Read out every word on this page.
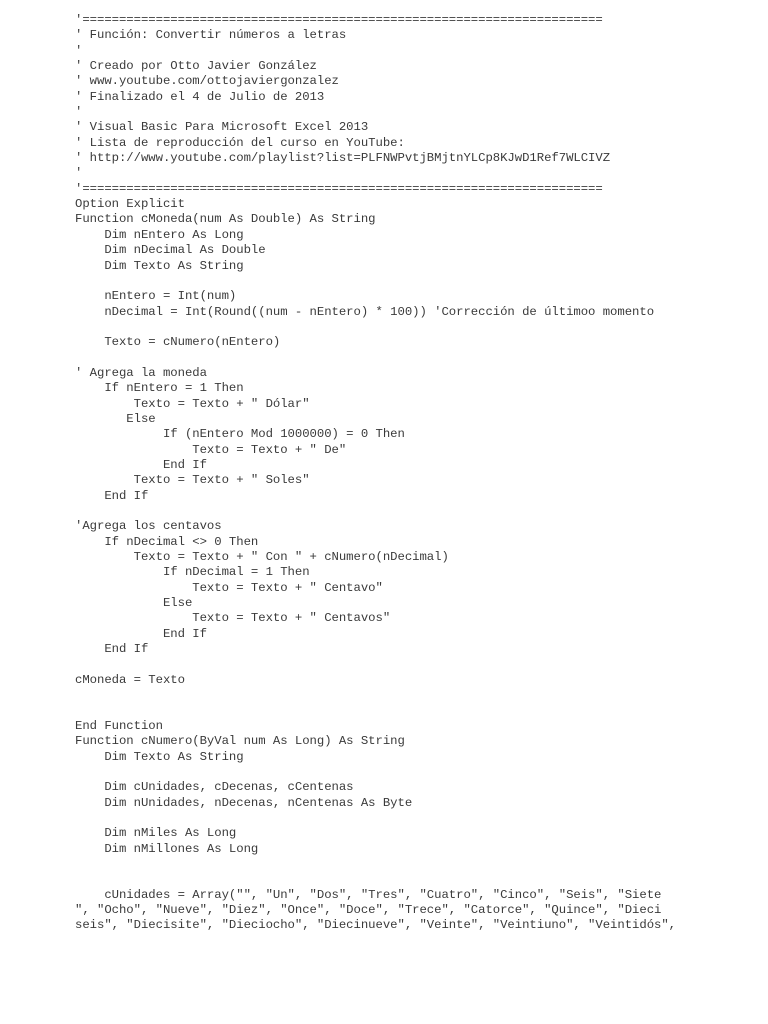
'=======================================================================
' Función: Convertir números a letras
'
' Creado por Otto Javier González
' www.youtube.com/ottojaviergonzalez
' Finalizado el 4 de Julio de 2013
'
' Visual Basic Para Microsoft Excel 2013
' Lista de reproducción del curso en YouTube:
' http://www.youtube.com/playlist?list=PLFNWPvtjBMjtnYLCp8KJwD1Ref7WLCIVZ
'
'=======================================================================
Option Explicit
Function cMoneda(num As Double) As String
Dim nEntero As Long
Dim nDecimal As Double
Dim Texto As String
nEntero = Int(num)
nDecimal = Int(Round((num - nEntero) * 100)) 'Corrección de últimoo momento
Texto = cNumero(nEntero)
' Agrega la moneda
If nEntero = 1 Then
Texto = Texto + " Dólar"
Else
If (nEntero Mod 1000000) = 0 Then
Texto = Texto + " De"
End If
Texto = Texto + " Soles"
End If
'Agrega los centavos
If nDecimal <> 0 Then
Texto = Texto + " Con " + cNumero(nDecimal)
If nDecimal = 1 Then
Texto = Texto + " Centavo"
Else
Texto = Texto + " Centavos"
End If
End If
cMoneda = Texto
End Function
Function cNumero(ByVal num As Long) As String
Dim Texto As String
Dim cUnidades, cDecenas, cCentenas
Dim nUnidades, nDecenas, nCentenas As Byte
Dim nMiles As Long
Dim nMillones As Long
cUnidades = Array("", "Un", "Dos", "Tres", "Cuatro", "Cinco", "Seis", "Siete
", "Ocho", "Nueve", "Diez", "Once", "Doce", "Trece", "Catorce", "Quince", "Dieci
seis", "Diecisite", "Dieciocho", "Diecinueve", "Veinte", "Veintiuno", "Veintidós",
